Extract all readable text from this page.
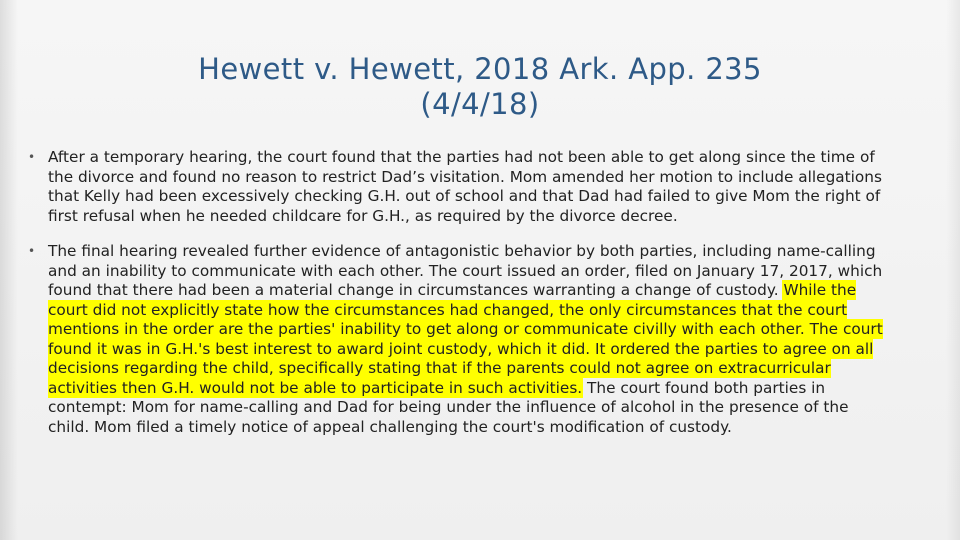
Hewett v. Hewett, 2018 Ark. App. 235
(4/4/18)
• After a temporary hearing, the court found that the parties had not been able to get along since the time of the divorce and found no reason to restrict Dad’s visitation. Mom amended her motion to include allegations that Kelly had been excessively checking G.H. out of school and that Dad had failed to give Mom the right of first refusal when he needed childcare for G.H., as required by the divorce decree.
• The final hearing revealed further evidence of antagonistic behavior by both parties, including name-calling and an inability to communicate with each other. The court issued an order, filed on January 17, 2017, which found that there had been a material change in circumstances warranting a change of custody. While the court did not explicitly state how the circumstances had changed, the only circumstances that the court mentions in the order are the parties' inability to get along or communicate civilly with each other. The court found it was in G.H.'s best interest to award joint custody, which it did. It ordered the parties to agree on all decisions regarding the child, specifically stating that if the parents could not agree on extracurricular activities then G.H. would not be able to participate in such activities. The court found both parties in contempt: Mom for name-calling and Dad for being under the influence of alcohol in the presence of the child. Mom filed a timely notice of appeal challenging the court's modification of custody.
